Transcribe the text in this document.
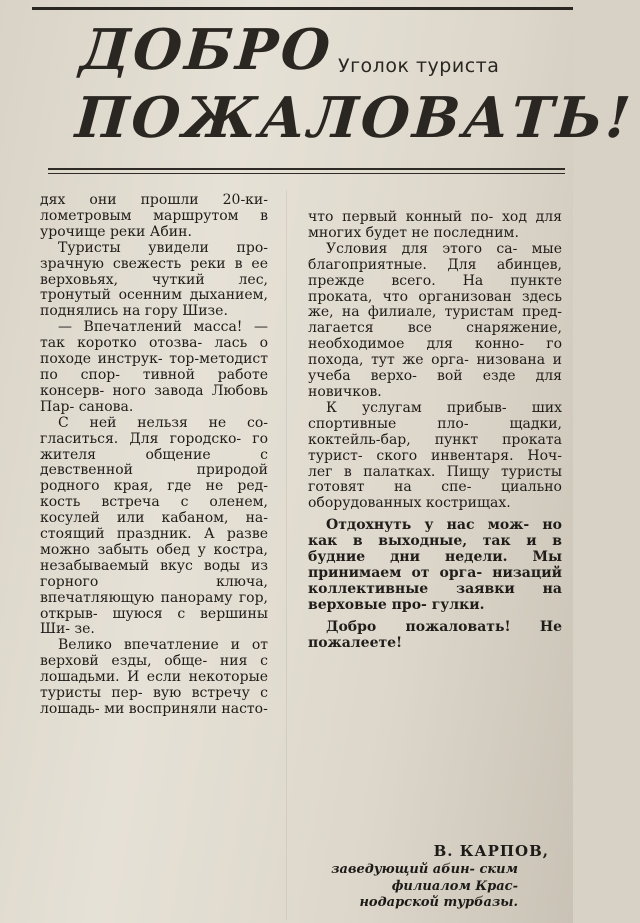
ДОБРО
ПОЖАЛОВАТЬ!
Уголок туриста

дях они прошли 20-ки- лометровым маршрутом в урочище реки Абин.

Туристы увидели про- зрачную свежесть реки в ее верховьях, чуткий лес, тронутый осенним дыханием, поднялись на гору Шизе.

— Впечатлений масса! — так коротко отозва- лась о походе инструк- тор-методист по спор- тивной работе консерв- ного завода Любовь Пар- санова.

С ней нельзя не со- гласиться. Для городско- го жителя общение с девственной природой родного края, где не ред- кость встреча с оленем, косулей или кабаном, на- стоящий праздник. А разве можно забыть обед у костра, незабываемый вкус воды из горного ключа, впечатляющую панораму гор, открыв- шуюся с вершины Ши- зе.

Велико впечатление и от верховй езды, обще- ния с лошадьми. И если некоторые туристы пер- вую встречу с лошадь- ми восприняли насто-

что первый конный по- ход для многих будет не последним.

Условия для этого са- мые благоприятные. Для абинцев, прежде всего. На пункте проката, что организован здесь же, на филиале, туристам пред- лагается все снаряжение, необходимое для конно- го похода, тут же орга- низована и учеба верхо- вой езде для новичков.

К услугам прибыв- ших спортивные пло- щадки, коктейль-бар, пункт проката турист- ского инвентаря. Ноч- лег в палатках. Пищу туристы готовят на спе- циально оборудованных кострищах.

Отдохнуть у нас мож- но как в выходные, так и в будние дни недели. Мы принимаем от орга- низаций коллективные заявки на верховые про- гулки.

Добро пожаловать! Не пожалеете!

В. КАРПОВ,
заведующий абин- ским филиалом Крас- нодарской турбазы.
